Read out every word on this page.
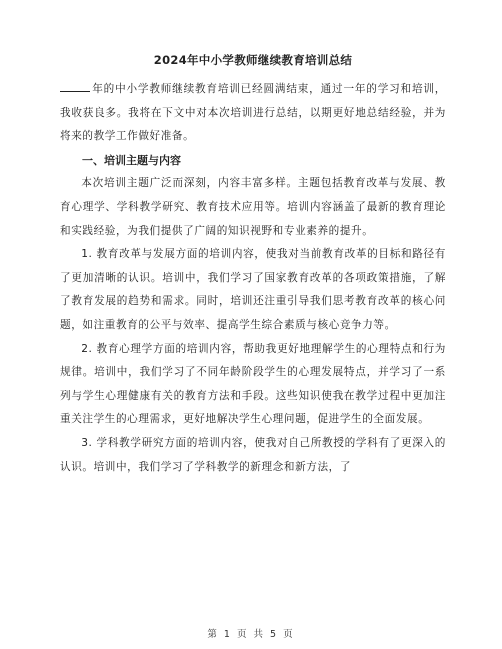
2024年中小学教师继续教育培训总结

年的中小学教师继续教育培训已经圆满结束，通过一年的学习和培训，我收获良多。我将在下文中对本次培训进行总结，以期更好地总结经验，并为将来的教学工作做好准备。

一、培训主题与内容

本次培训主题广泛而深刻，内容丰富多样。主题包括教育改革与发展、教育心理学、学科教学研究、教育技术应用等。培训内容涵盖了最新的教育理论和实践经验，为我们提供了广阔的知识视野和专业素养的提升。

1. 教育改革与发展方面的培训内容，使我对当前教育改革的目标和路径有了更加清晰的认识。培训中，我们学习了国家教育改革的各项政策措施，了解了教育发展的趋势和需求。同时，培训还注重引导我们思考教育改革的核心问题，如注重教育的公平与效率、提高学生综合素质与核心竞争力等。

2. 教育心理学方面的培训内容，帮助我更好地理解学生的心理特点和行为规律。培训中，我们学习了不同年龄阶段学生的心理发展特点，并学习了一系列与学生心理健康有关的教育方法和手段。这些知识使我在教学过程中更加注重关注学生的心理需求，更好地解决学生心理问题，促进学生的全面发展。

3. 学科教学研究方面的培训内容，使我对自己所教授的学科有了更深入的认识。培训中，我们学习了学科教学的新理念和新方法，了

第 1 页 共 5 页
